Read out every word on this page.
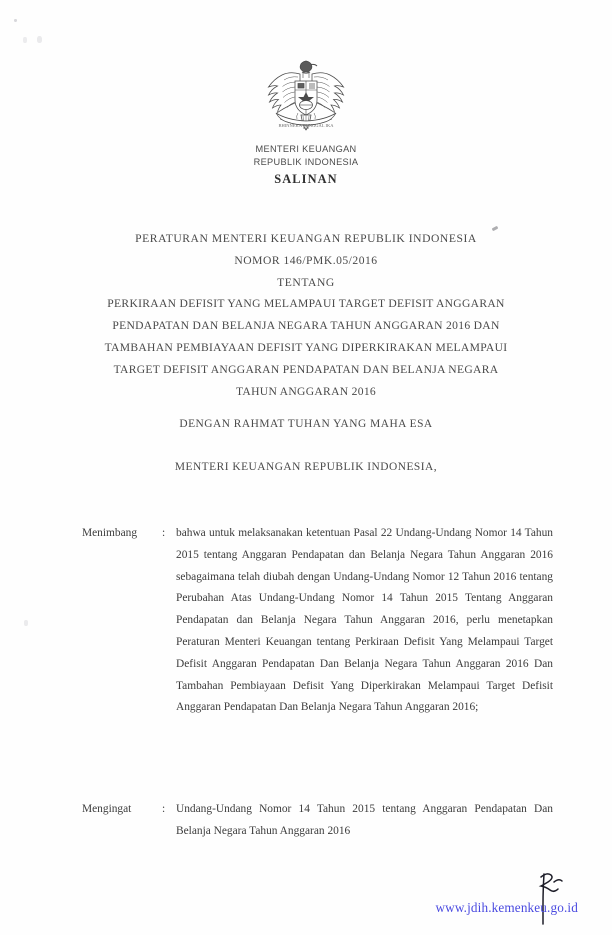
BHINNEKA TUNGGAL IKA
MENTERI KEUANGAN
REPUBLIK INDONESIA
SALINAN
PERATURAN MENTERI KEUANGAN REPUBLIK INDONESIA
NOMOR 146/PMK.05/2016
TENTANG
PERKIRAAN DEFISIT YANG MELAMPAUI TARGET DEFISIT ANGGARAN
PENDAPATAN DAN BELANJA NEGARA TAHUN ANGGARAN 2016 DAN
TAMBAHAN PEMBIAYAAN DEFISIT YANG DIPERKIRAKAN MELAMPAUI
TARGET DEFISIT ANGGARAN PENDAPATAN DAN BELANJA NEGARA
TAHUN ANGGARAN 2016
DENGAN RAHMAT TUHAN YANG MAHA ESA
MENTERI KEUANGAN REPUBLIK INDONESIA,
Menimbang	: bahwa untuk melaksanakan ketentuan Pasal 22 Undang-Undang Nomor 14 Tahun 2015 tentang Anggaran Pendapatan dan Belanja Negara Tahun Anggaran 2016 sebagaimana telah diubah dengan Undang-Undang Nomor 12 Tahun 2016 tentang Perubahan Atas Undang-Undang Nomor 14 Tahun 2015 Tentang Anggaran Pendapatan dan Belanja Negara Tahun Anggaran 2016, perlu menetapkan Peraturan Menteri Keuangan tentang Perkiraan Defisit Yang Melampaui Target Defisit Anggaran Pendapatan Dan Belanja Negara Tahun Anggaran 2016 Dan Tambahan Pembiayaan Defisit Yang Diperkirakan Melampaui Target Defisit Anggaran Pendapatan Dan Belanja Negara Tahun Anggaran 2016;
Mengingat	: Undang-Undang Nomor 14 Tahun 2015 tentang Anggaran Pendapatan Dan Belanja Negara Tahun Anggaran 2016
www.jdih.kemenkeu.go.id
